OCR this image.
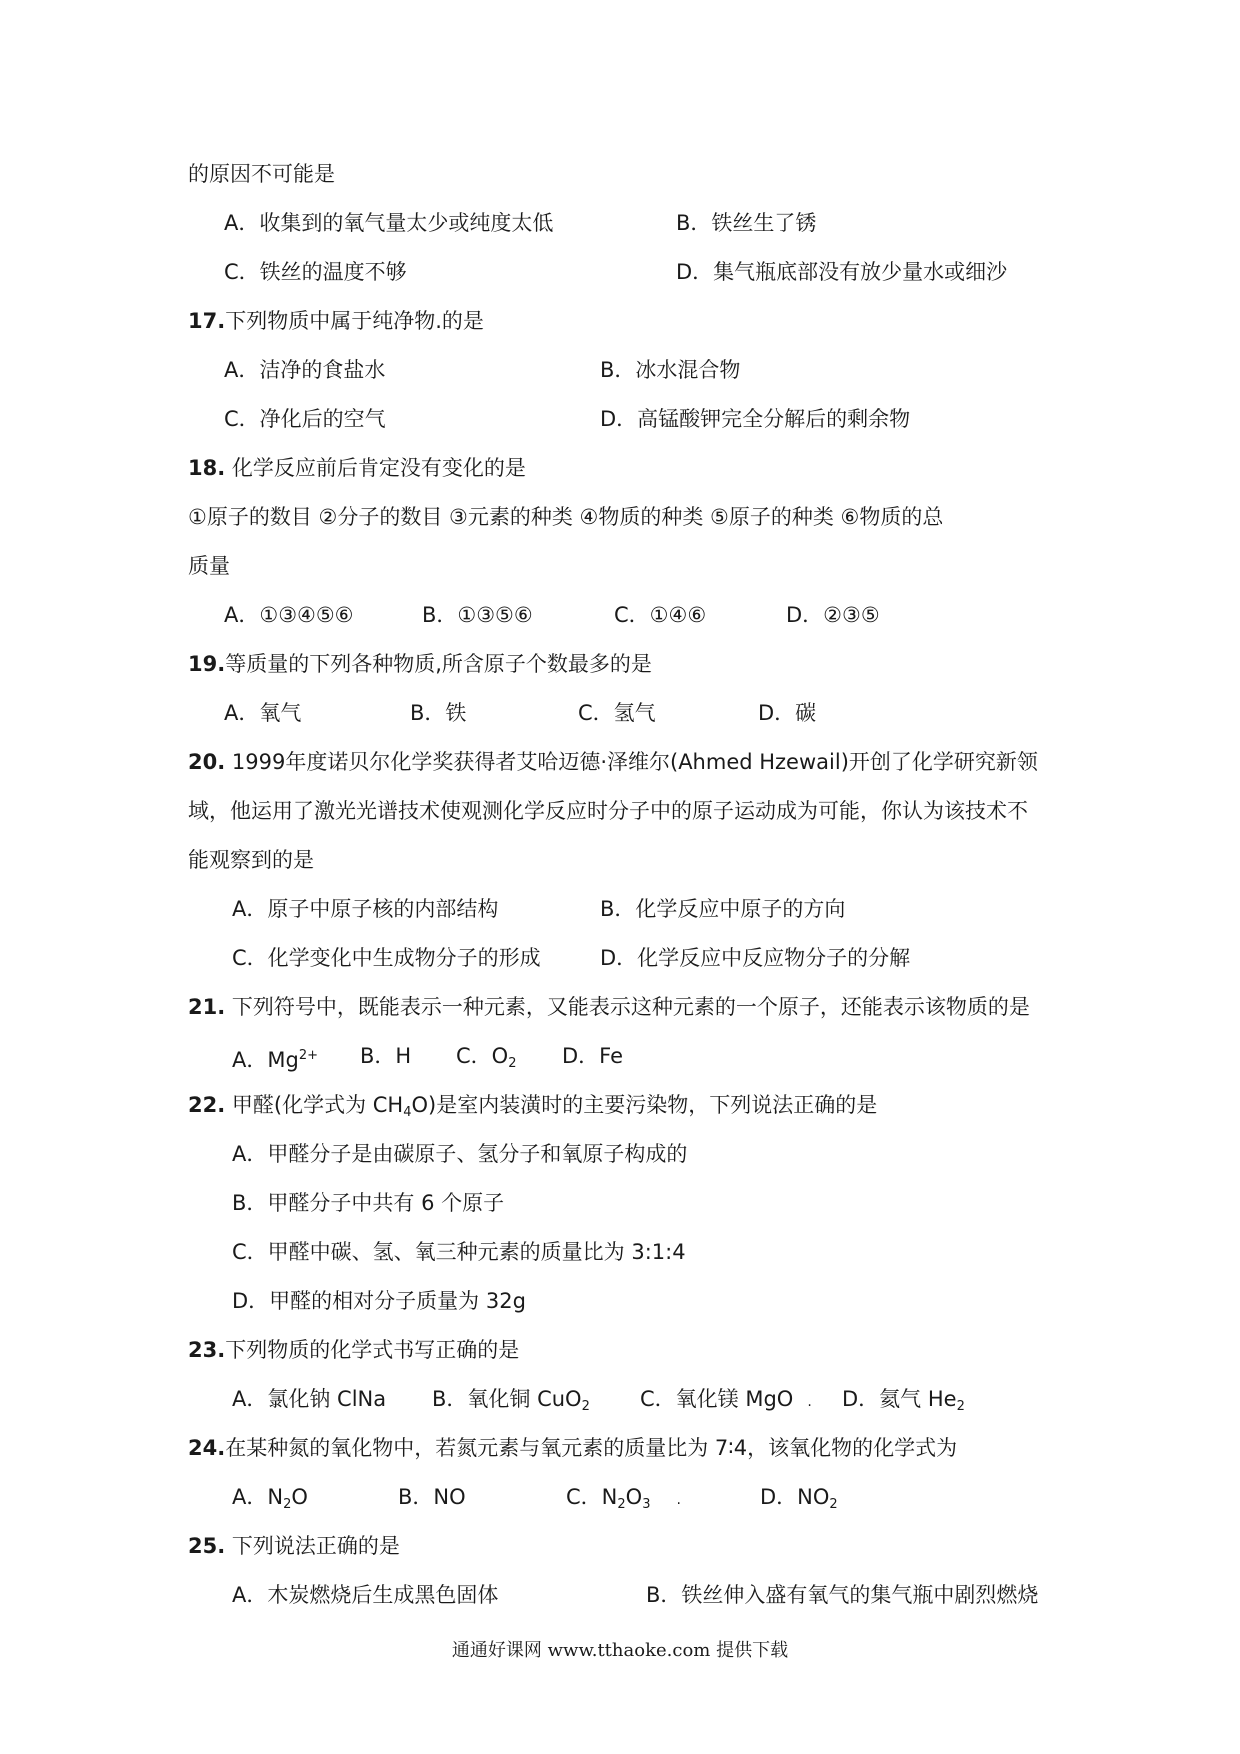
的原因不可能是
A．收集到的氧气量太少或纯度太低	B．铁丝生了锈
C．铁丝的温度不够	D．集气瓶底部没有放少量水或细沙
17.下列物质中属于纯净物.的是
A．洁净的食盐水	B．冰水混合物
C．净化后的空气	D．高锰酸钾完全分解后的剩余物
18. 化学反应前后肯定没有变化的是
①原子的数目 ②分子的数目 ③元素的种类 ④物质的种类 ⑤原子的种类 ⑥物质的总
质量
A．①③④⑤⑥	B．①③⑤⑥	C．①④⑥	D．②③⑤
19.等质量的下列各种物质,所含原子个数最多的是
A．氧气	B．铁	C．氢气	D．碳
20. 1999年度诺贝尔化学奖获得者艾哈迈德·泽维尔(Ahmed Hzewail)开创了化学研究新领
域，他运用了激光光谱技术使观测化学反应时分子中的原子运动成为可能，你认为该技术不
能观察到的是
A．原子中原子核的内部结构	B．化学反应中原子的方向
C．化学变化中生成物分子的形成	D．化学反应中反应物分子的分解
21. 下列符号中，既能表示一种元素，又能表示这种元素的一个原子，还能表示该物质的是
A．$Mg^{2+}$ B．H C．$O_2$ D．Fe
22. 甲醛(化学式为 $CH_4O$)是室内装潢时的主要污染物，下列说法正确的是
A．甲醛分子是由碳原子、氢分子和氧原子构成的
B．甲醛分子中共有 6 个原子
C．甲醛中碳、氢、氧三种元素的质量比为 3:1:4
D．甲醛的相对分子质量为 32g
23.下列物质的化学式书写正确的是
A．氯化钠 ClNa B．氧化铜 CuO$_2$ C．氧化镁 MgO . D．氦气 $He_2$
24.在某种氮的氧化物中，若氮元素与氧元素的质量比为 7∶4，该氧化物的化学式为
A．$N_2O$	B．NO	C．$N_2O_3$ .	D．$NO_2$
25. 下列说法正确的是
A．木炭燃烧后生成黑色固体	B．铁丝伸入盛有氧气的集气瓶中剧烈燃烧
通通好课网 www.tthaoke.com 提供下载
